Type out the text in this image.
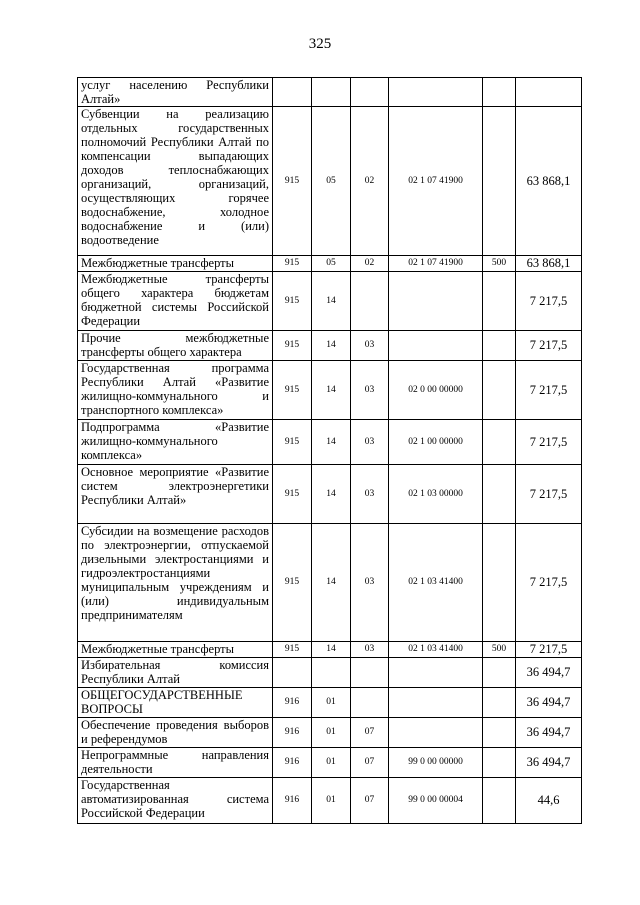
325
услуг населению Республики Алтай»						
Субвенции на реализацию отдельных государственных полномочий Республики Алтай по компенсации выпадающих доходов теплоснабжающих организаций, организаций, осуществляющих горячее водоснабжение, холодное водоснабжение и (или) водоотведение	915	05	02	02 1 07 41900		63 868,1
Межбюджетные трансферты	915	05	02	02 1 07 41900	500	63 868,1
Межбюджетные трансферты общего характера бюджетам бюджетной системы Российской Федерации	915	14				7 217,5
Прочие межбюджетные трансферты общего характера	915	14	03			7 217,5
Государственная программа Республики Алтай «Развитие жилищно-коммунального и транспортного комплекса»	915	14	03	02 0 00 00000		7 217,5
Подпрограмма «Развитие жилищно-коммунального комплекса»	915	14	03	02 1 00 00000		7 217,5
Основное мероприятие «Развитие систем электроэнергетики Республики Алтай»	915	14	03	02 1 03 00000		7 217,5
Субсидии на возмещение расходов по электроэнергии, отпускаемой дизельными электростанциями и гидроэлектростанциями муниципальным учреждениям и (или) индивидуальным предпринимателям	915	14	03	02 1 03 41400		7 217,5
Межбюджетные трансферты	915	14	03	02 1 03 41400	500	7 217,5
Избирательная комиссия Республики Алтай						36 494,7
ОБЩЕГОСУДАРСТВЕННЫЕ ВОПРОСЫ	916	01				36 494,7
Обеспечение проведения выборов и референдумов	916	01	07			36 494,7
Непрограммные направления деятельности	916	01	07	99 0 00 00000		36 494,7
Государственная автоматизированная система Российской Федерации	916	01	07	99 0 00 00004		44,6
